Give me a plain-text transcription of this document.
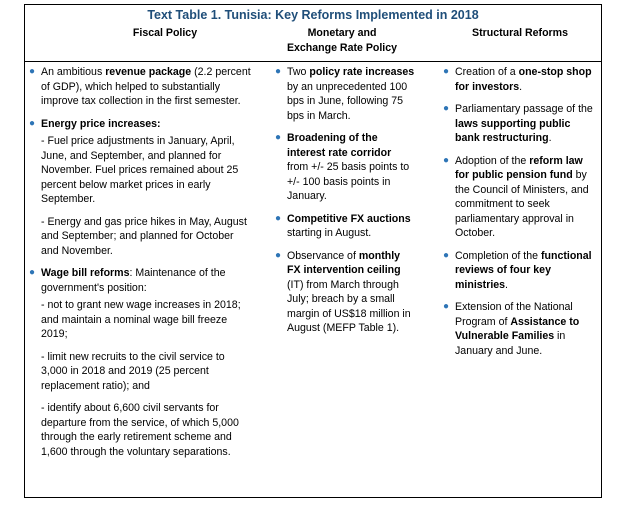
Text Table 1. Tunisia: Key Reforms Implemented in 2018
Fiscal Policy	Monetary and Exchange Rate Policy
Structural Reforms
● An ambitious revenue package (2.2 percent of GDP), which helped to substantially improve tax collection in the first semester.
● Energy price increases:
- Fuel price adjustments in January, April, June, and September, and planned for November. Fuel prices remained about 25 percent below market prices in early September.
- Energy and gas price hikes in May, August and September; and planned for October and November.
● Wage bill reforms: Maintenance of the government's position:
- not to grant new wage increases in 2018; and maintain a nominal wage bill freeze 2019;
- limit new recruits to the civil service to 3,000 in 2018 and 2019 (25 percent replacement ratio); and
- identify about 6,600 civil servants for departure from the service, of which 5,000 through the early retirement scheme and 1,600 through the voluntary separations.
● Two policy rate increases by an unprecedented 100 bps in June, following 75 bps in March.
● Broadening of the interest rate corridor from +/- 25 basis points to +/- 100 basis points in January.
● Competitive FX auctions starting in August.
● Observance of monthly FX intervention ceiling (IT) from March through July; breach by a small margin of US$18 million in August (MEFP Table 1).
● Creation of a one-stop shop for investors.
● Parliamentary passage of the laws supporting public bank restructuring.
● Adoption of the reform law for public pension fund by the Council of Ministers, and commitment to seek parliamentary approval in October.
● Completion of the functional reviews of four key ministries.
● Extension of the National Program of Assistance to Vulnerable Families in January and June.
